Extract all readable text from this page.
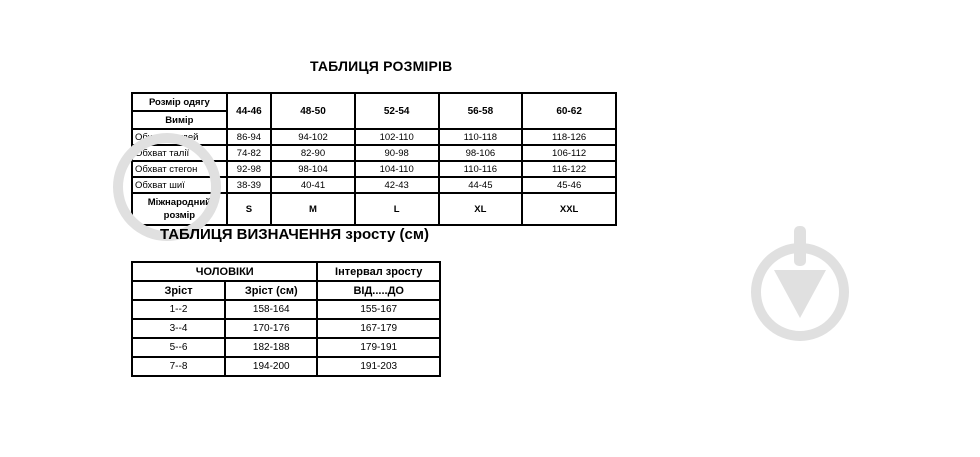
ТАБЛИЦЯ РОЗМІРІВ
Розмір одягу	44-46	48-50	52-54	56-58	60-62
Вимір					
Обхват грудей	86-94	94-102	102-110	110-118	118-126
Обхват талії	74-82	82-90	90-98	98-106	106-112
Обхват стегон	92-98	98-104	104-110	110-116	116-122
Обхват шиї	38-39	40-41	42-43	44-45	45-46
Міжнародний
розмір	S	M	L	XL	XXL
ТАБЛИЦЯ ВИЗНАЧЕННЯ зросту (см)
ЧОЛОВІКИ		Інтервал зросту
Зріст	Зріст (см)	ВІД.....ДО
1--2	158-164	155-167
3--4	170-176	167-179
5--6	182-188	179-191
7--8	194-200	191-203
